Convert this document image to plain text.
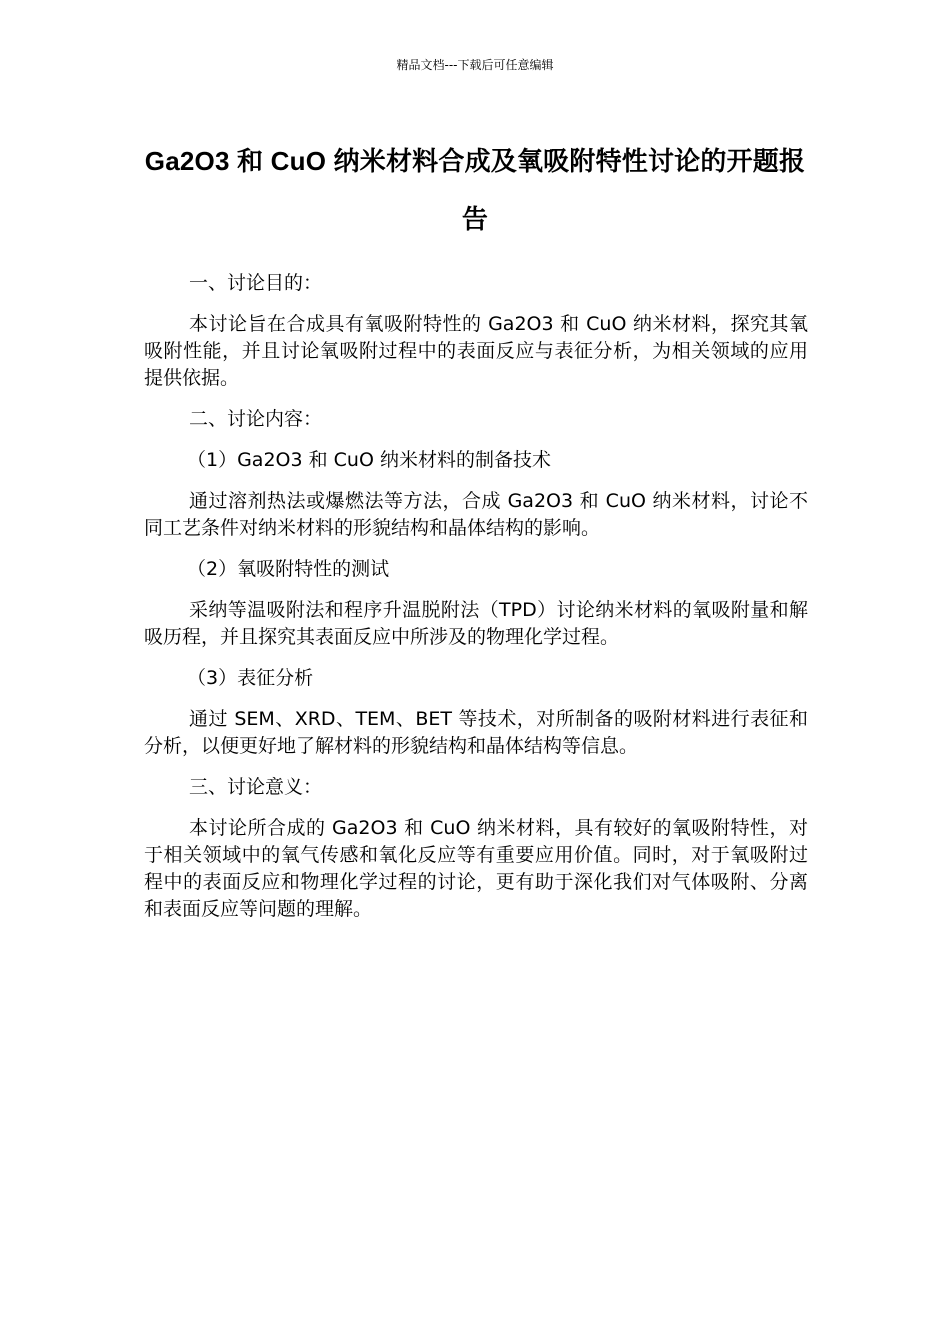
精品文档---下载后可任意编辑
Ga2O3 和 CuO 纳米材料合成及氧吸附特性讨论的开题报告

一、讨论目的：

本讨论旨在合成具有氧吸附特性的 Ga2O3 和 CuO 纳米材料，探究其氧吸附性能，并且讨论氧吸附过程中的表面反应与表征分析，为相关领域的应用提供依据。

二、讨论内容：

（1）Ga2O3 和 CuO 纳米材料的制备技术

通过溶剂热法或爆燃法等方法，合成 Ga2O3 和 CuO 纳米材料，讨论不同工艺条件对纳米材料的形貌结构和晶体结构的影响。

（2）氧吸附特性的测试

采纳等温吸附法和程序升温脱附法（TPD）讨论纳米材料的氧吸附量和解吸历程，并且探究其表面反应中所涉及的物理化学过程。

（3）表征分析

通过 SEM、XRD、TEM、BET 等技术，对所制备的吸附材料进行表征和分析，以便更好地了解材料的形貌结构和晶体结构等信息。

三、讨论意义：

本讨论所合成的 Ga2O3 和 CuO 纳米材料，具有较好的氧吸附特性，对于相关领域中的氧气传感和氧化反应等有重要应用价值。同时，对于氧吸附过程中的表面反应和物理化学过程的讨论，更有助于深化我们对气体吸附、分离和表面反应等问题的理解。
